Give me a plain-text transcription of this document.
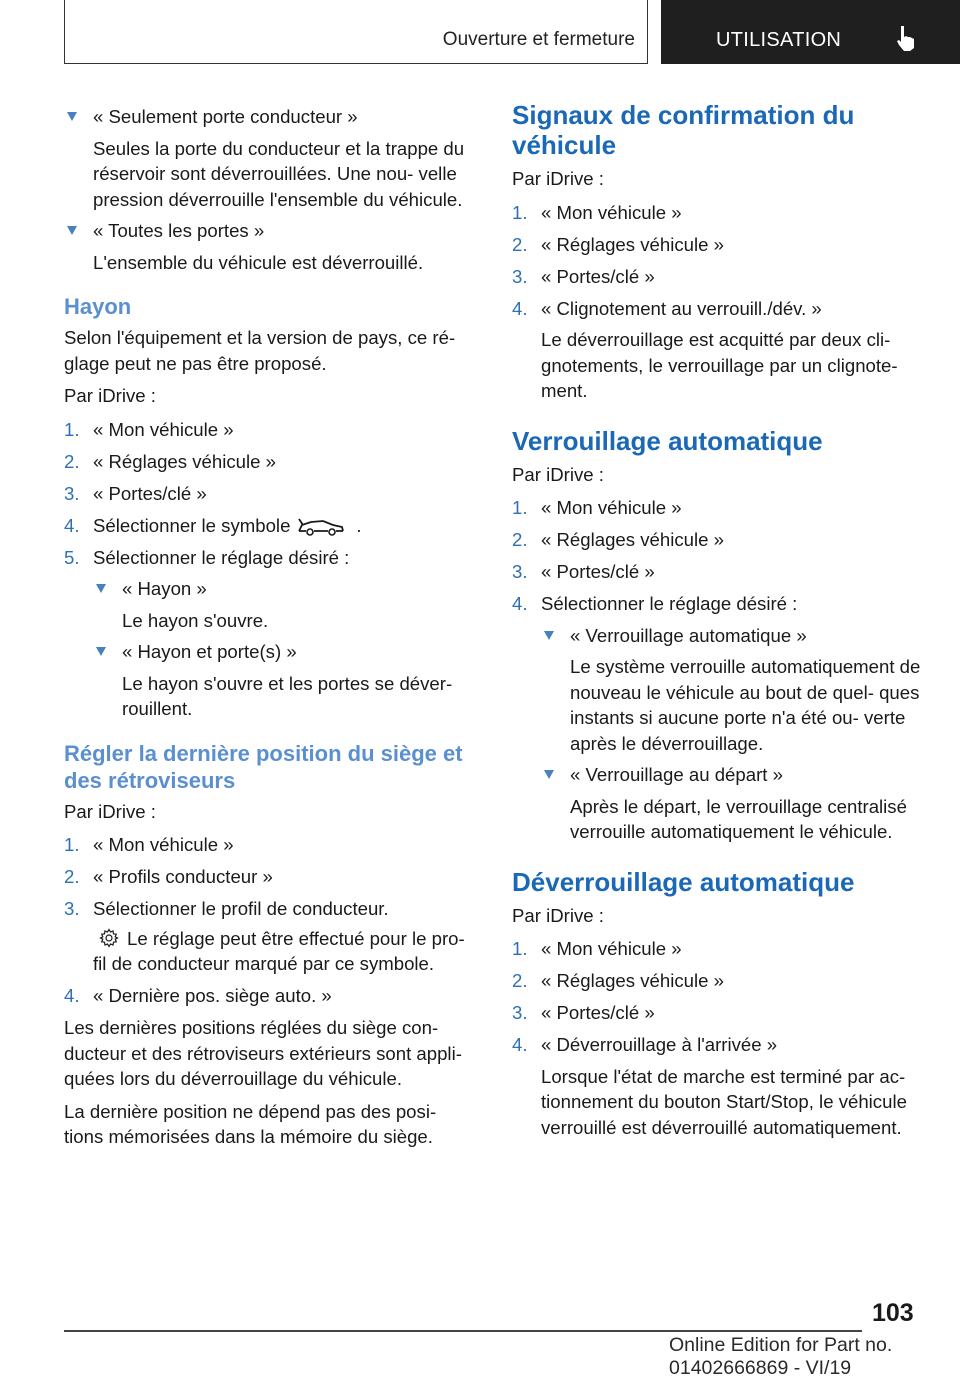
Ouverture et fermeture	UTILISATION

« Seulement porte conducteur »

Seules la porte du conducteur et la trappe du réservoir sont déverrouillées. Une nou- velle pression déverrouille l'ensemble du véhicule.

« Toutes les portes »

L'ensemble du véhicule est déverrouillé.

Hayon

Selon l'équipement et la version de pays, ce ré- glage peut ne pas être proposé.

Par iDrive :

1 . « Mon véhicule »

2 . « Réglages véhicule »

3 . « Portes/clé »

4 . Sélectionner le symbole	.

5 . Sélectionner le réglage désiré :

« Hayon »

Le hayon s'ouvre.

« Hayon et porte(s) »

Le hayon s'ouvre et les portes se déver- rouillent.

Régler la dernière position du siège et des rétroviseurs

Par iDrive :

1 . « Mon véhicule »

2 . « Profils conducteur »

3 . Sélectionner le profil de conducteur.

Le réglage peut être effectué pour le pro- fil de conducteur marqué par ce symbole.

4 . « Dernière pos. siège auto. »

Les dernières positions réglées du siège con- ducteur et des rétroviseurs extérieurs sont appli- quées lors du déverrouillage du véhicule.

La dernière position ne dépend pas des posi- tions mémorisées dans la mémoire du siège.

Signaux de confirmation du véhicule

Par iDrive :

1 . « Mon véhicule »

2 . « Réglages véhicule »

3 . « Portes/clé »

4 . « Clignotement au verrouill./dév. »

Le déverrouillage est acquitté par deux cli- gnotements, le verrouillage par un clignote- ment.

Verrouillage automatique

Par iDrive :

1 . « Mon véhicule »

2 . « Réglages véhicule »

3 . « Portes/clé »

4 . Sélectionner le réglage désiré :

« Verrouillage automatique »

Le système verrouille automatiquement de nouveau le véhicule au bout de quel- ques instants si aucune porte n'a été ou- verte après le déverrouillage.

« Verrouillage au départ »

Après le départ, le verrouillage centralisé verrouille automatiquement le véhicule.

Déverrouillage automatique

Par iDrive :

1 . « Mon véhicule »

2 . « Réglages véhicule »

3 . « Portes/clé »

4 . « Déverrouillage à l'arrivée »

Lorsque l'état de marche est terminé par ac- tionnement du bouton Start/Stop, le véhicule verrouillé est déverrouillé automatiquement.

103
Online Edition for Part no. 01402666869 - VI/19
